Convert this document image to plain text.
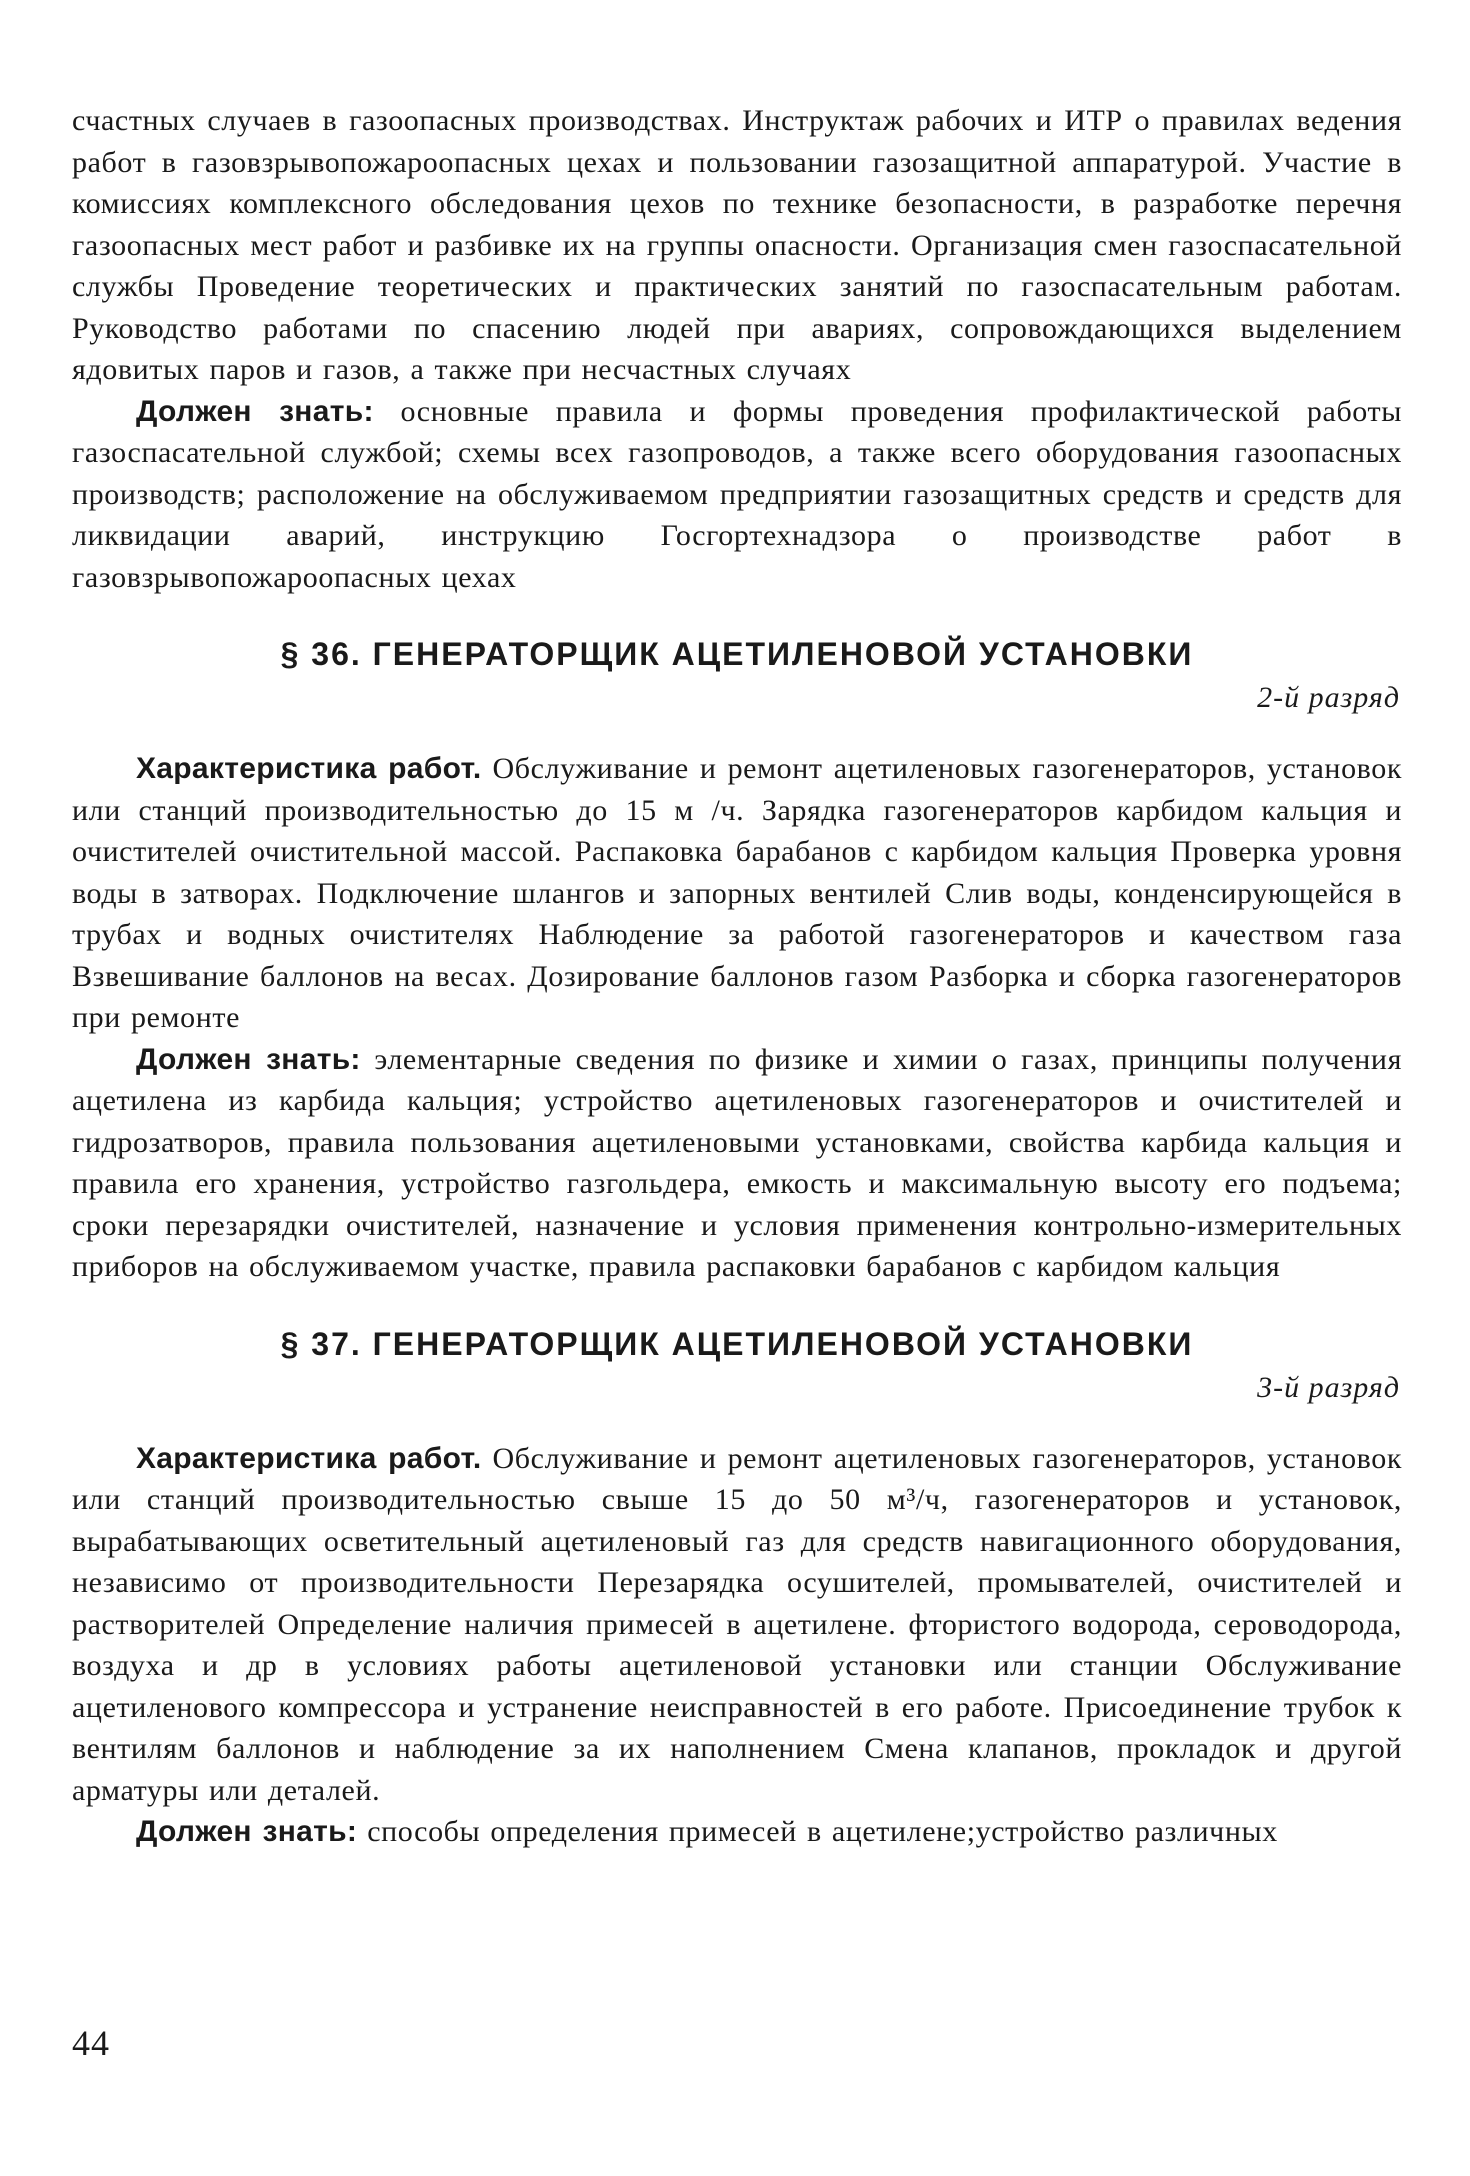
счастных случаев в газоопасных производствах. Инструктаж рабочих и ИТР о правилах ведения работ в газовзрывопожароопасных цехах и пользовании газозащитной аппаратурой. Участие в комиссиях комплексного обследования цехов по технике безопасности, в разработке перечня газоопасных мест работ и разбивке их на группы опасности. Организация смен газоспасательной службы Проведение теоретических и практических занятий по газоспасательным работам. Руководство работами по спасению людей при авариях, сопровождающихся выделением ядовитых паров и газов, а также при несчастных случаях

Должен знать: основные правила и формы проведения профилактической работы газоспасательной службой; схемы всех газопроводов, а также всего оборудования газоопасных производств; расположение на обслуживаемом предприятии газозащитных средств и средств для ликвидации аварий, инструкцию Госгортехнадзора о производстве работ в газовзрывопожароопасных цехах

§ 36. ГЕНЕРАТОРЩИК АЦЕТИЛЕНОВОЙ УСТАНОВКИ

2-й разряд

Характеристика работ. Обслуживание и ремонт ацетиленовых газогенераторов, установок или станций производительностью до 15 м /ч. Зарядка газогенераторов карбидом кальция и очистителей очистительной массой. Распаковка барабанов с карбидом кальция Проверка уровня воды в затворах. Подключение шлангов и запорных вентилей Слив воды, конденсирующейся в трубах и водных очистителях Наблюдение за работой газогенераторов и качеством газа Взвешивание баллонов на весах. Дозирование баллонов газом Разборка и сборка газогенераторов при ремонте

Должен знать: элементарные сведения по физике и химии о газах, принципы получения ацетилена из карбида кальция; устройство ацетиленовых газогенераторов и очистителей и гидрозатворов, правила пользования ацетиленовыми установками, свойства карбида кальция и правила его хранения, устройство газгольдера, емкость и максимальную высоту его подъема; сроки перезарядки очистителей, назначение и условия применения контрольно-измерительных приборов на обслуживаемом участке, правила распаковки барабанов с карбидом кальция

§ 37. ГЕНЕРАТОРЩИК АЦЕТИЛЕНОВОЙ УСТАНОВКИ

3-й разряд

Характеристика работ. Обслуживание и ремонт ацетиленовых газогенераторов, установок или станций производительностью свыше 15 до 50 м³/ч, газогенераторов и установок, вырабатывающих осветительный ацетиленовый газ для средств навигационного оборудования, независимо от производительности Перезарядка осушителей, промывателей, очистителей и растворителей Определение наличия примесей в ацетилене. фтористого водорода, сероводорода, воздуха и др в условиях работы ацетиленовой установки или станции Обслуживание ацетиленового компрессора и устранение неисправностей в его работе. Присоединение трубок к вентилям баллонов и наблюдение за их наполнением Смена клапанов, прокладок и другой арматуры или деталей.

Должен знать: способы определения примесей в ацетилене;устройство различных

44
